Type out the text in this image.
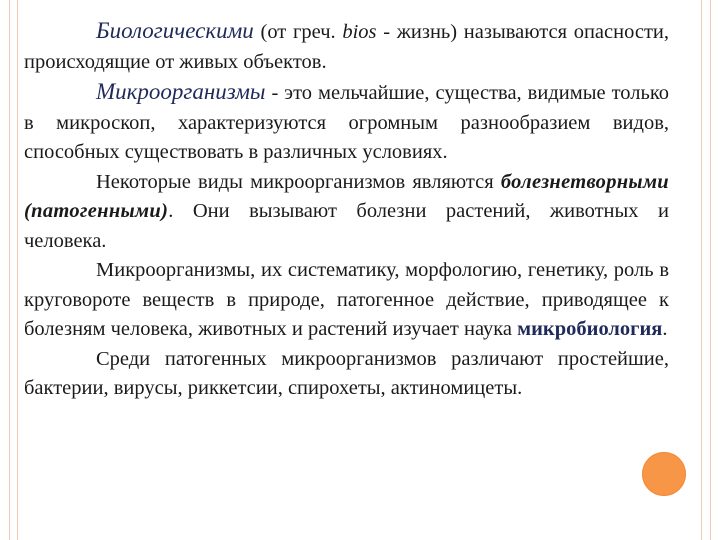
Биологическими (от греч. bios - жизнь) называются опасности, происходящие от живых объектов.

Микроорганизмы - это мельчайшие, существа, видимые только в микроскоп, характеризуются огромным разнообразием видов, способных существовать в различных условиях.

Некоторые виды микроорганизмов являются болезнетворными (патогенными). Они вызывают болезни растений, животных и человека.

Микроорганизмы, их систематику, морфологию, генетику, роль в круговороте веществ в природе, патогенное действие, приводящее к болезням человека, животных и растений изучает наука микробиология.

Среди патогенных микроорганизмов различают простейшие, бактерии, вирусы, риккетсии, спирохеты, актиномицеты.
